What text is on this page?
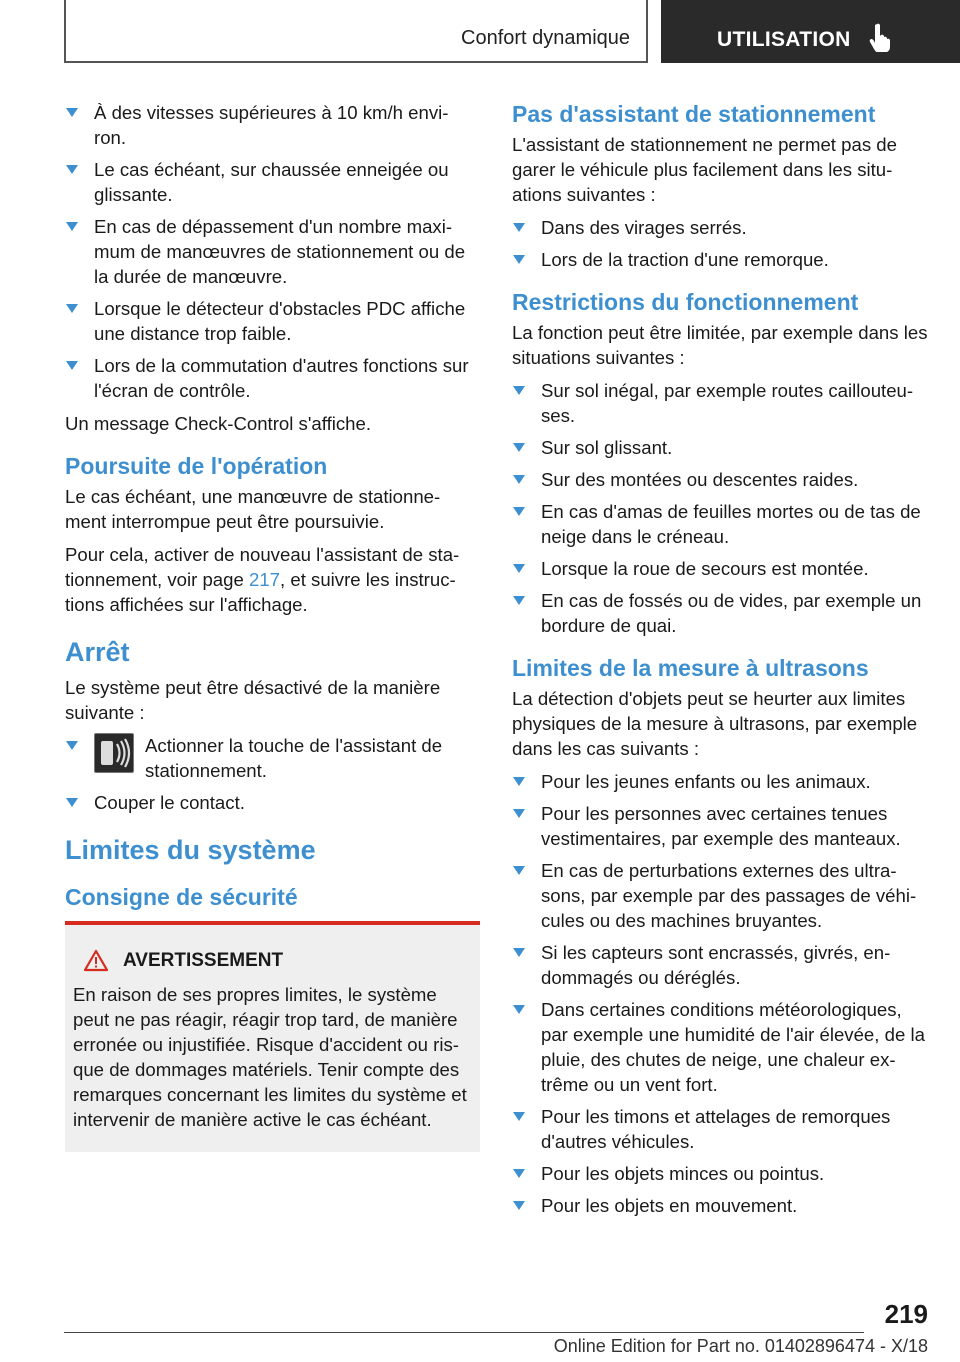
Confort dynamique	UTILISATION
À des vitesses supérieures à 10 km/h envi- ron.
Le cas échéant, sur chaussée enneigée ou glissante.
En cas de dépassement d'un nombre maxi- mum de manœuvres de stationnement ou de la durée de manœuvre.
Lorsque le détecteur d'obstacles PDC affiche une distance trop faible.
Lors de la commutation d'autres fonctions sur l'écran de contrôle.

Un message Check-Control s'affiche.

Poursuite de l'opération

Le cas échéant, une manœuvre de stationne- ment interrompue peut être poursuivie.

Pour cela, activer de nouveau l'assistant de sta- tionnement, voir page 217, et suivre les instruc- tions affichées sur l'affichage.

Arrêt

Le système peut être désactivé de la manière suivante :

Actionner la touche de l'assistant de stationnement.
Couper le contact.
Limites du système
Consigne de sécurité
AVERTISSEMENT

En raison de ses propres limites, le système peut ne pas réagir, réagir trop tard, de manière erronée ou injustifiée. Risque d'accident ou ris- que de dommages matériels. Tenir compte des remarques concernant les limites du système et intervenir de manière active le cas échéant.

Pas d'assistant de stationnement

L'assistant de stationnement ne permet pas de garer le véhicule plus facilement dans les situ- ations suivantes :

Dans des virages serrés.
Lors de la traction d'une remorque.
Restrictions du fonctionnement

La fonction peut être limitée, par exemple dans les situations suivantes :

Sur sol inégal, par exemple routes caillouteu- ses.
Sur sol glissant.
Sur des montées ou descentes raides.
En cas d'amas de feuilles mortes ou de tas de neige dans le créneau.
Lorsque la roue de secours est montée.
En cas de fossés ou de vides, par exemple un bordure de quai.
Limites de la mesure à ultrasons

La détection d'objets peut se heurter aux limites physiques de la mesure à ultrasons, par exemple dans les cas suivants :

Pour les jeunes enfants ou les animaux.
Pour les personnes avec certaines tenues vestimentaires, par exemple des manteaux.
En cas de perturbations externes des ultra- sons, par exemple par des passages de véhi- cules ou des machines bruyantes.
Si les capteurs sont encrassés, givrés, en- dommagés ou déréglés.
Dans certaines conditions météorologiques, par exemple une humidité de l'air élevée, de la pluie, des chutes de neige, une chaleur ex- trême ou un vent fort.
Pour les timons et attelages de remorques d'autres véhicules.
Pour les objets minces ou pointus.
Pour les objets en mouvement.
219
Online Edition for Part no. 01402896474 - X/18
